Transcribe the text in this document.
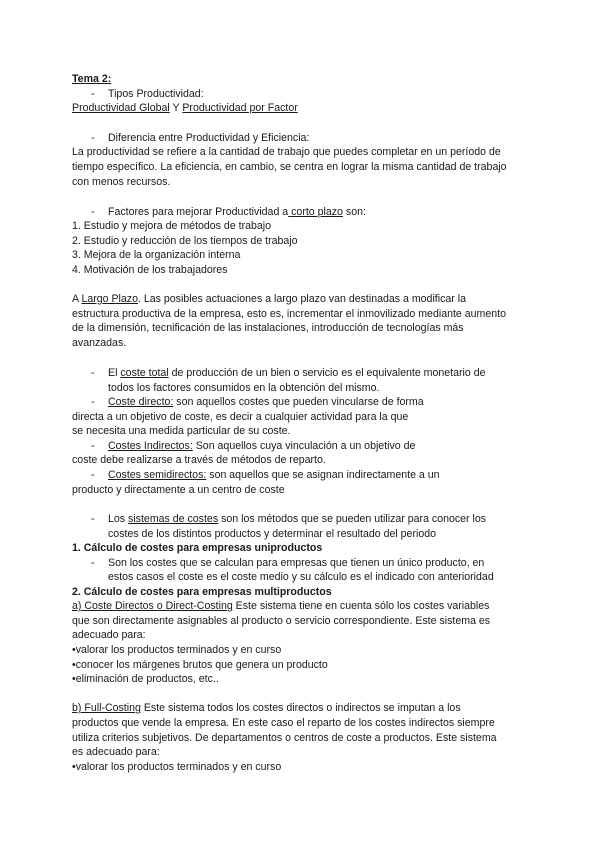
Tema 2:
- Tipos Productividad:
Productividad Global Y Productividad por Factor
- Diferencia entre Productividad y Eficiencia:
La productividad se refiere a la cantidad de trabajo que puedes completar en un período de
tiempo específico. La eficiencia, en cambio, se centra en lograr la misma cantidad de trabajo
con menos recursos.
- Factores para mejorar Productividad a corto plazo son:
1. Estudio y mejora de métodos de trabajo
2. Estudio y reducción de los tiempos de trabajo
3. Mejora de la organización interna
4. Motivación de los trabajadores
A Largo Plazo. Las posibles actuaciones a largo plazo van destinadas a modificar la
estructura productiva de la empresa, esto es, incrementar el inmovilizado mediante aumento
de la dimensión, tecnificación de las instalaciones, introducción de tecnologías más
avanzadas.
- El coste total de producción de un bien o servicio es el equivalente monetario de
todos los factores consumidos en la obtención del mismo.
- Coste directo: son aquellos costes que pueden vincularse de forma
directa a un objetivo de coste, es decir a cualquier actividad para la que
se necesita una medida particular de su coste.
- Costes Indirectos: Son aquellos cuya vinculación a un objetivo de
coste debe realizarse a través de métodos de reparto.
- Costes semidirectos: son aquellos que se asignan indirectamente a un
producto y directamente a un centro de coste
- Los sistemas de costes son los métodos que se pueden utilizar para conocer los
costes de los distintos productos y determinar el resultado del periodo
1. Cálculo de costes para empresas uniproductos
- Son los costes que se calculan para empresas que tienen un único producto, en
estos casos el coste es el coste medio y su cálculo es el indicado con anterioridad
2. Cálculo de costes para empresas multiproductos
a) Coste Directos o Direct-Costing Este sistema tiene en cuenta sólo los costes variables
que son directamente asignables al producto o servicio correspondiente. Este sistema es
adecuado para:
•valorar los productos terminados y en curso
•conocer los márgenes brutos que genera un producto
•eliminación de productos, etc..
b) Full-Costing Este sistema todos los costes directos o indirectos se imputan a los
productos que vende la empresa. En este caso el reparto de los costes indirectos siempre
utiliza criterios subjetivos. De departamentos o centros de coste a productos. Este sistema
es adecuado para:
•valorar los productos terminados y en curso
